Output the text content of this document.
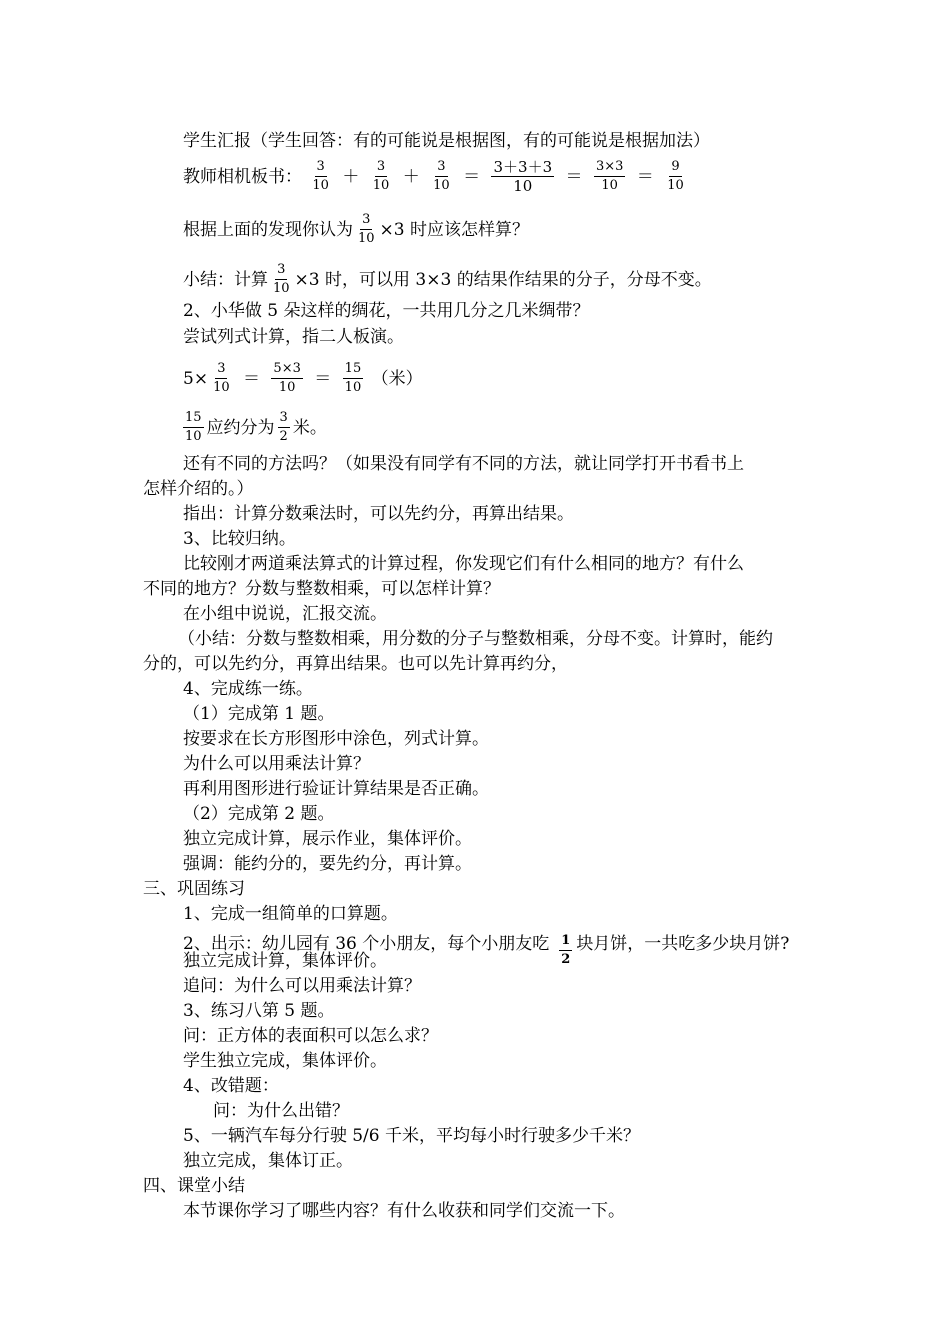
学生汇报（学生回答：有的可能说是根据图，有的可能说是根据加法）
教师相机板书： $\frac{3}{10} + \frac{3}{10} + \frac{3}{10} = \frac{3+3+3}{10} = \frac{3\times 3}{10} = \frac{9}{10}$
根据上面的发现你认为 $\frac{3}{10} \times 3$ 时应该怎样算？
小结：计算 $\frac{3}{10} \times 3$ 时，可以用 3×3 的结果作结果的分子，分母不变。
2、小华做 5 朵这样的绸花，一共用几分之几米绸带？
尝试列式计算，指二人板演。
$5\times \frac{3}{10} = \frac{5\times 3}{10} = \frac{15}{10}$ （米）
$\frac{15}{10}$ 应约分为 $\frac{3}{2}$ 米。
还有不同的方法吗？（如果没有同学有不同的方法，就让同学打开书看书上
怎样介绍的。）
指出：计算分数乘法时，可以先约分，再算出结果。
3、比较归纳。
比较刚才两道乘法算式的计算过程，你发现它们有什么相同的地方？有什么
不同的地方？分数与整数相乘，可以怎样计算？
在小组中说说，汇报交流。
（小结：分数与整数相乘，用分数的分子与整数相乘，分母不变。计算时，能约
分的，可以先约分，再算出结果。也可以先计算再约分，
4、完成练一练。
（1）完成第 1 题。
按要求在长方形图形中涂色，列式计算。
为什么可以用乘法计算？
再利用图形进行验证计算结果是否正确。
（2）完成第 2 题。
独立完成计算，展示作业，集体评价。
强调：能约分的，要先约分，再计算。
三、巩固练习
1、完成一组简单的口算题。
2、出示：幼儿园有 36 个小朋友，每个小朋友吃 $\frac{1}{2}$ 块月饼，一共吃多少块月饼?
独立完成计算，集体评价。
追问：为什么可以用乘法计算？
3、练习八第 5 题。
问：正方体的表面积可以怎么求？
学生独立完成，集体评价。
4、改错题：
问：为什么出错？
5、一辆汽车每分行驶 5/6 千米，平均每小时行驶多少千米？
独立完成，集体订正。
四、课堂小结
本节课你学习了哪些内容？有什么收获和同学们交流一下。
